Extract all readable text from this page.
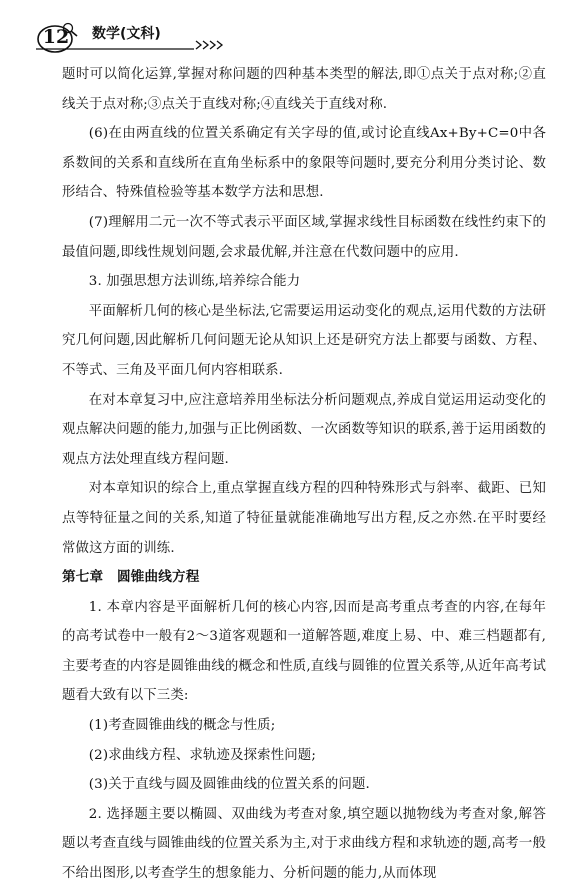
12	数学(文科)

题时可以简化运算,掌握对称问题的四种基本类型的解法,即①点关于点对称;②直线关于点对称;③点关于直线对称;④直线关于直线对称.

(6)在由两直线的位置关系确定有关字母的值,或讨论直线Ax+By+C=0中各系数间的关系和直线所在直角坐标系中的象限等问题时,要充分利用分类讨论、数形结合、特殊值检验等基本数学方法和思想.

(7)理解用二元一次不等式表示平面区域,掌握求线性目标函数在线性约束下的最值问题,即线性规划问题,会求最优解,并注意在代数问题中的应用.

3. 加强思想方法训练,培养综合能力

平面解析几何的核心是坐标法,它需要运用运动变化的观点,运用代数的方法研究几何问题,因此解析几何问题无论从知识上还是研究方法上都要与函数、方程、不等式、三角及平面几何内容相联系.

在对本章复习中,应注意培养用坐标法分析问题观点,养成自觉运用运动变化的观点解决问题的能力,加强与正比例函数、一次函数等知识的联系,善于运用函数的观点方法处理直线方程问题.

对本章知识的综合上,重点掌握直线方程的四种特殊形式与斜率、截距、已知点等特征量之间的关系,知道了特征量就能准确地写出方程,反之亦然.在平时要经常做这方面的训练.

第七章　圆锥曲线方程

1. 本章内容是平面解析几何的核心内容,因而是高考重点考查的内容,在每年的高考试卷中一般有2～3道客观题和一道解答题,难度上易、中、难三档题都有,主要考查的内容是圆锥曲线的概念和性质,直线与圆锥的位置关系等,从近年高考试题看大致有以下三类:

(1)考查圆锥曲线的概念与性质;

(2)求曲线方程、求轨迹及探索性问题;

(3)关于直线与圆及圆锥曲线的位置关系的问题.

2. 选择题主要以椭圆、双曲线为考查对象,填空题以抛物线为考查对象,解答题以考查直线与圆锥曲线的位置关系为主,对于求曲线方程和求轨迹的题,高考一般不给出图形,以考查学生的想象能力、分析问题的能力,从而体现
